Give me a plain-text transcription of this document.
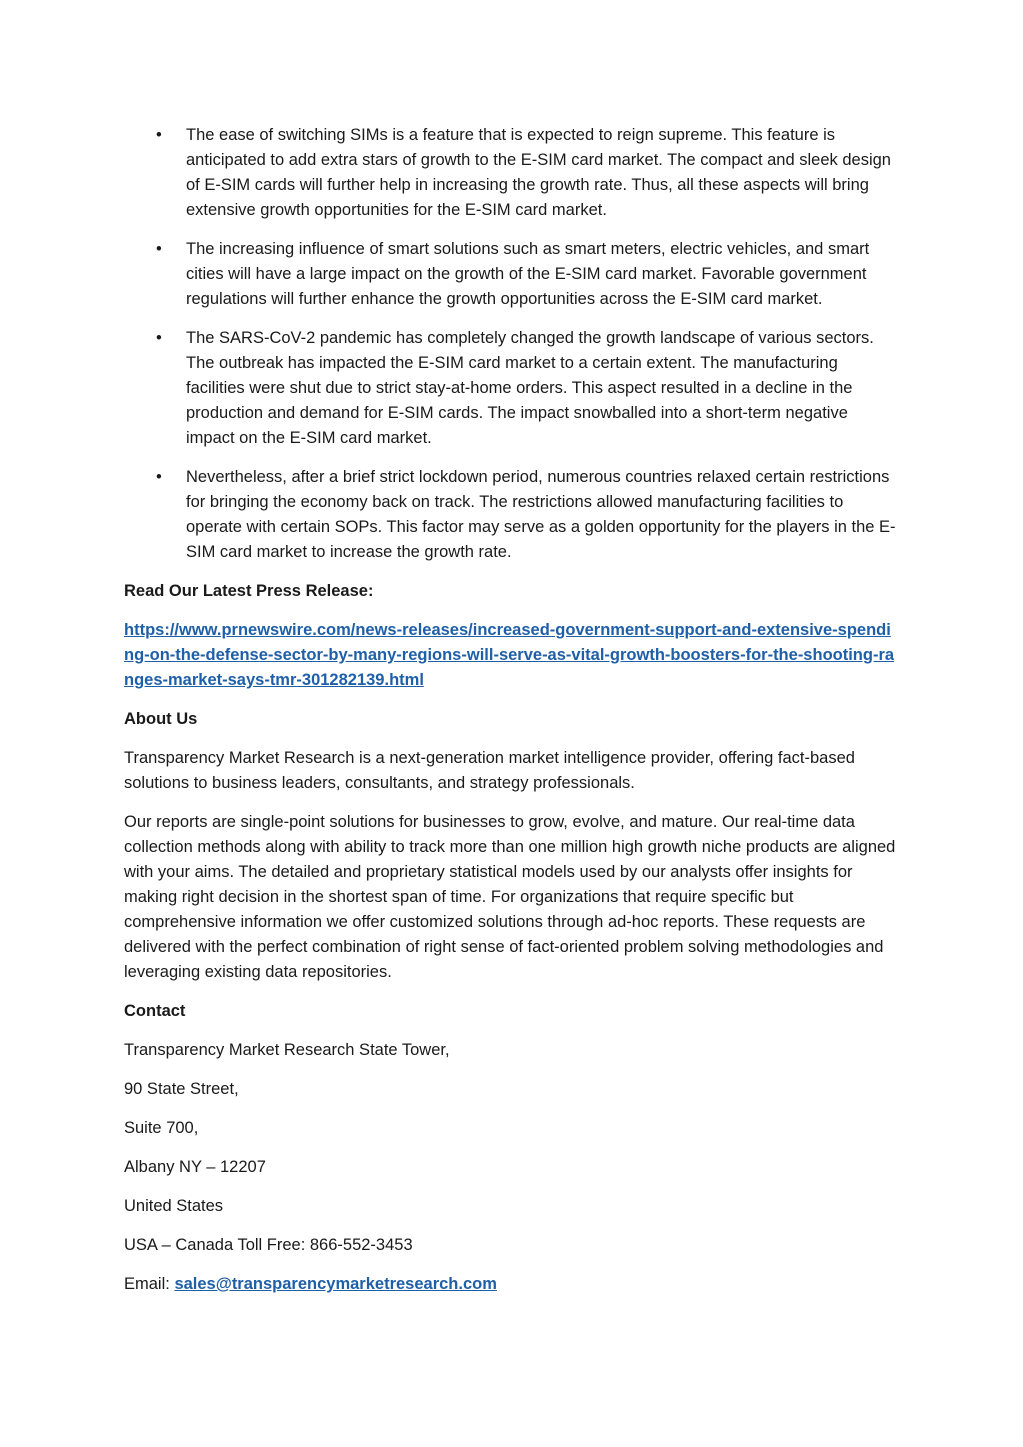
• The ease of switching SIMs is a feature that is expected to reign supreme. This feature is anticipated to add extra stars of growth to the E-SIM card market. The compact and sleek design of E-SIM cards will further help in increasing the growth rate. Thus, all these aspects will bring extensive growth opportunities for the E-SIM card market.
• The increasing influence of smart solutions such as smart meters, electric vehicles, and smart cities will have a large impact on the growth of the E-SIM card market. Favorable government regulations will further enhance the growth opportunities across the E-SIM card market.
• The SARS-CoV-2 pandemic has completely changed the growth landscape of various sectors. The outbreak has impacted the E-SIM card market to a certain extent. The manufacturing facilities were shut due to strict stay-at-home orders. This aspect resulted in a decline in the production and demand for E-SIM cards. The impact snowballed into a short-term negative impact on the E-SIM card market.
• Nevertheless, after a brief strict lockdown period, numerous countries relaxed certain restrictions for bringing the economy back on track. The restrictions allowed manufacturing facilities to operate with certain SOPs. This factor may serve as a golden opportunity for the players in the E-SIM card market to increase the growth rate.

Read Our Latest Press Release:

https://www.prnewswire.com/news-releases/increased-government-support-and-extensive-spending-on-the-defense-sector-by-many-regions-will-serve-as-vital-growth-boosters-for-the-shooting-ranges-market-says-tmr-301282139.html

About Us

Transparency Market Research is a next-generation market intelligence provider, offering fact-based solutions to business leaders, consultants, and strategy professionals.

Our reports are single-point solutions for businesses to grow, evolve, and mature. Our real-time data collection methods along with ability to track more than one million high growth niche products are aligned with your aims. The detailed and proprietary statistical models used by our analysts offer insights for making right decision in the shortest span of time. For organizations that require specific but comprehensive information we offer customized solutions through ad-hoc reports. These requests are delivered with the perfect combination of right sense of fact-oriented problem solving methodologies and leveraging existing data repositories.

Contact

Transparency Market Research State Tower,

90 State Street,

Suite 700,

Albany NY – 12207

United States

USA – Canada Toll Free: 866-552-3453

Email: sales@transparencymarketresearch.com
